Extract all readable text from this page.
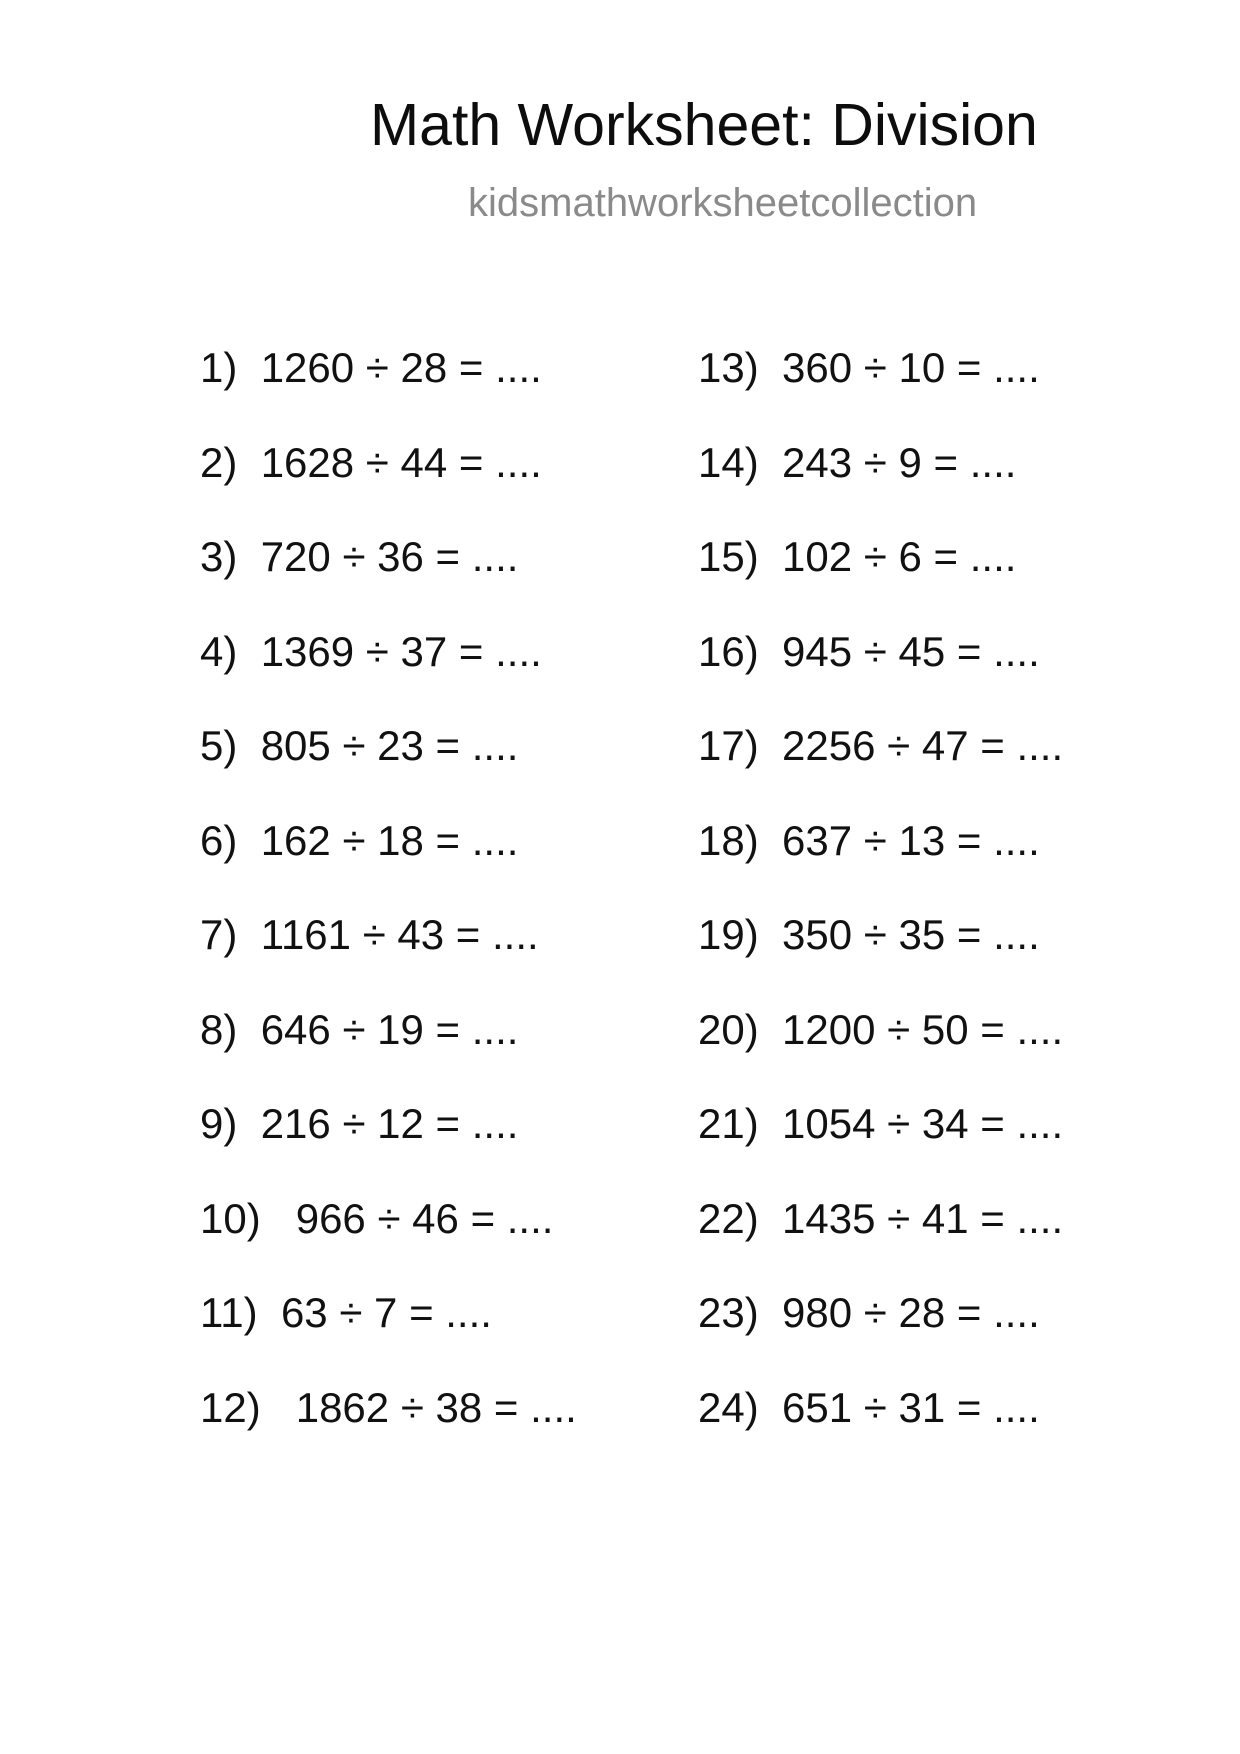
Math Worksheet: Division
kidsmathworksheetcollection
1) 1260 ÷ 28 = ....
2) 1628 ÷ 44 = ....
3) 720 ÷ 36 = ....
4) 1369 ÷ 37 = ....
5) 805 ÷ 23 = ....
6) 162 ÷ 18 = ....
7) 1161 ÷ 43 = ....
8) 646 ÷ 19 = ....
9) 216 ÷ 12 = ....
10)   966 ÷ 46 = ....
11) 63 ÷ 7 = ....
12)   1862 ÷ 38 = ....
13) 360 ÷ 10 = ....
14) 243 ÷ 9 = ....
15) 102 ÷ 6 = ....
16) 945 ÷ 45 = ....
17) 2256 ÷ 47 = ....
18) 637 ÷ 13 = ....
19) 350 ÷ 35 = ....
20) 1200 ÷ 50 = ....
21) 1054 ÷ 34 = ....
22) 1435 ÷ 41 = ....
23) 980 ÷ 28 = ....
24) 651 ÷ 31 = ....
